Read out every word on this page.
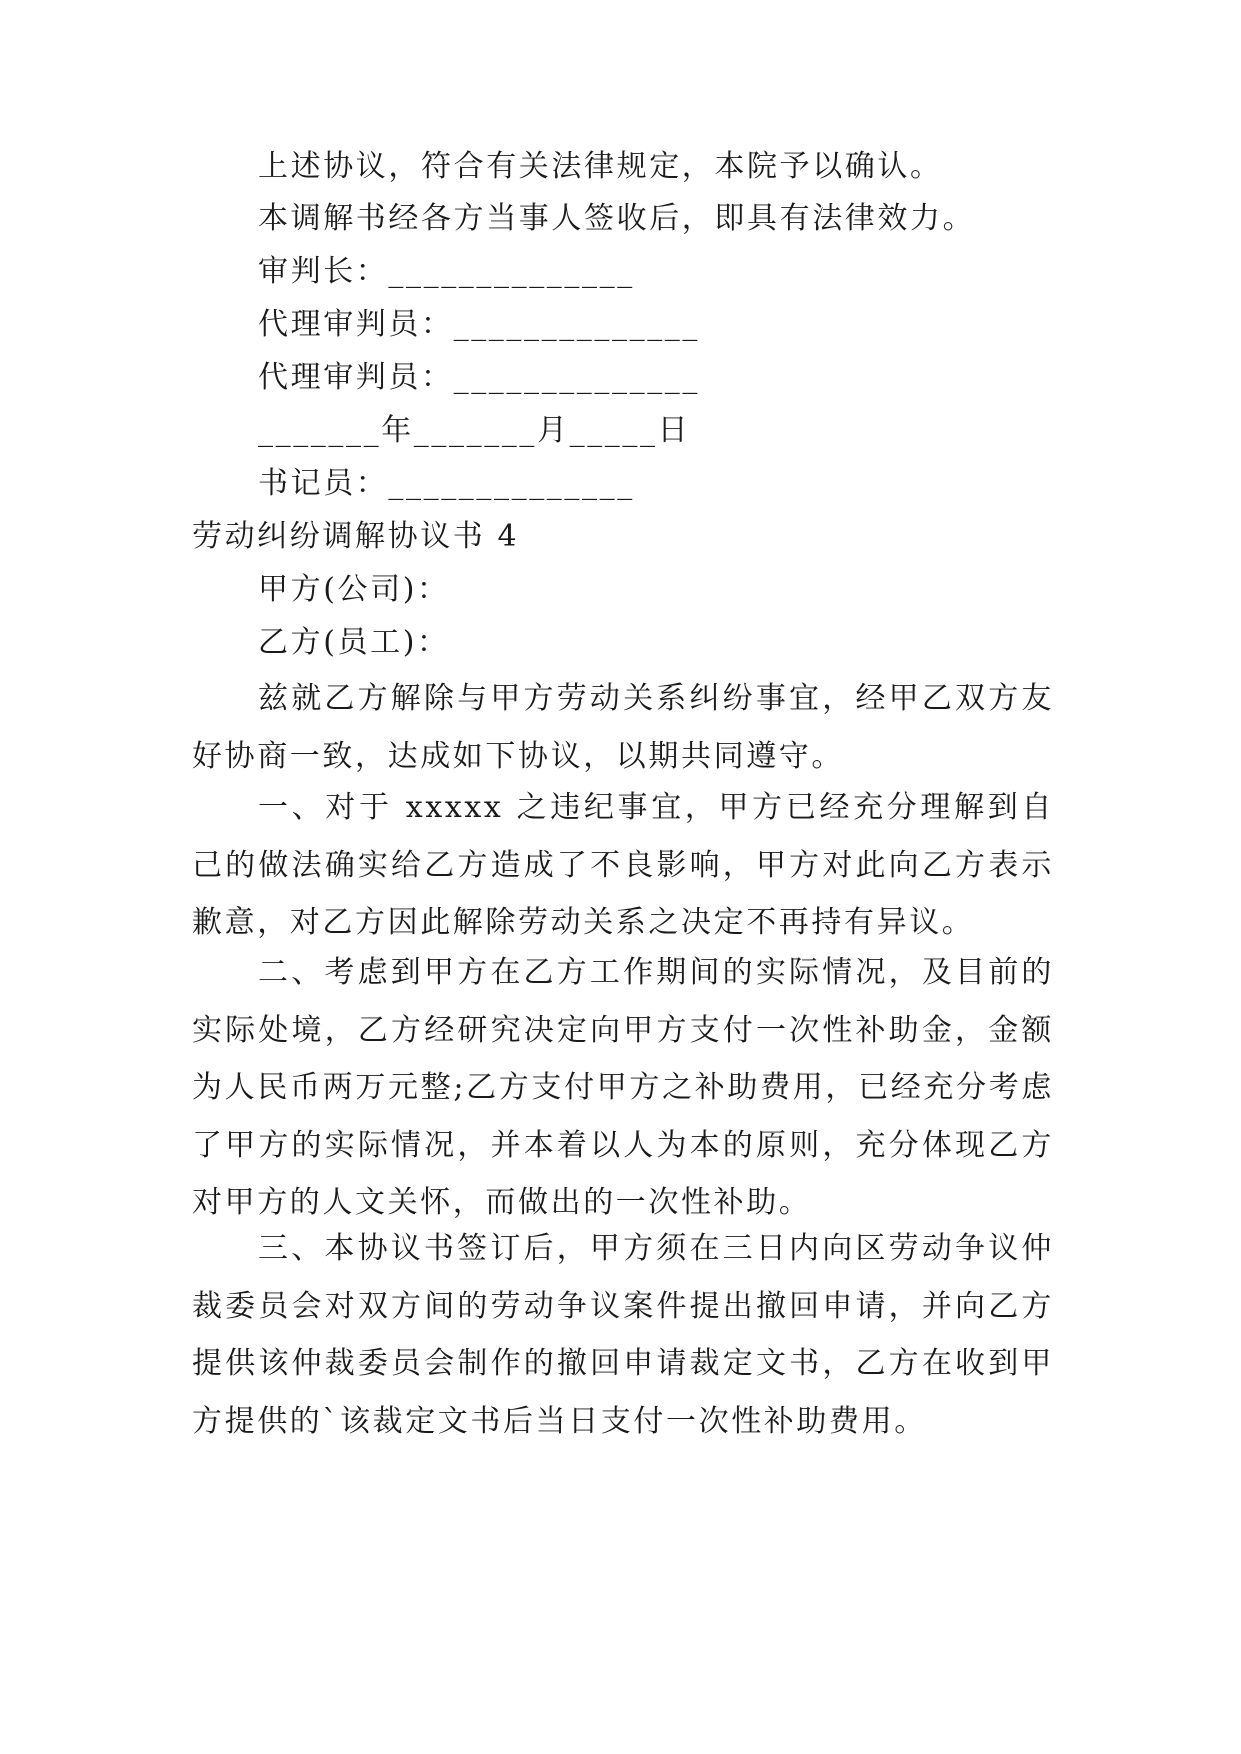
上述协议，符合有关法律规定，本院予以确认。

本调解书经各方当事人签收后，即具有法律效力。

审判长：______________

代理审判员：______________

代理审判员：______________

_______年_______月_____日

书记员：______________

劳动纠纷调解协议书 4

甲方(公司)：

乙方(员工)：

兹就乙方解除与甲方劳动关系纠纷事宜，经甲乙双方友好协商一致，达成如下协议，以期共同遵守。

一、对于 xxxxx 之违纪事宜，甲方已经充分理解到自己的做法确实给乙方造成了不良影响，甲方对此向乙方表示歉意，对乙方因此解除劳动关系之决定不再持有异议。

二、考虑到甲方在乙方工作期间的实际情况，及目前的实际处境，乙方经研究决定向甲方支付一次性补助金，金额为人民币两万元整;乙方支付甲方之补助费用，已经充分考虑了甲方的实际情况，并本着以人为本的原则，充分体现乙方对甲方的人文关怀，而做出的一次性补助。

三、本协议书签订后，甲方须在三日内向区劳动争议仲裁委员会对双方间的劳动争议案件提出撤回申请，并向乙方提供该仲裁委员会制作的撤回申请裁定文书，乙方在收到甲方提供的`该裁定文书后当日支付一次性补助费用。
